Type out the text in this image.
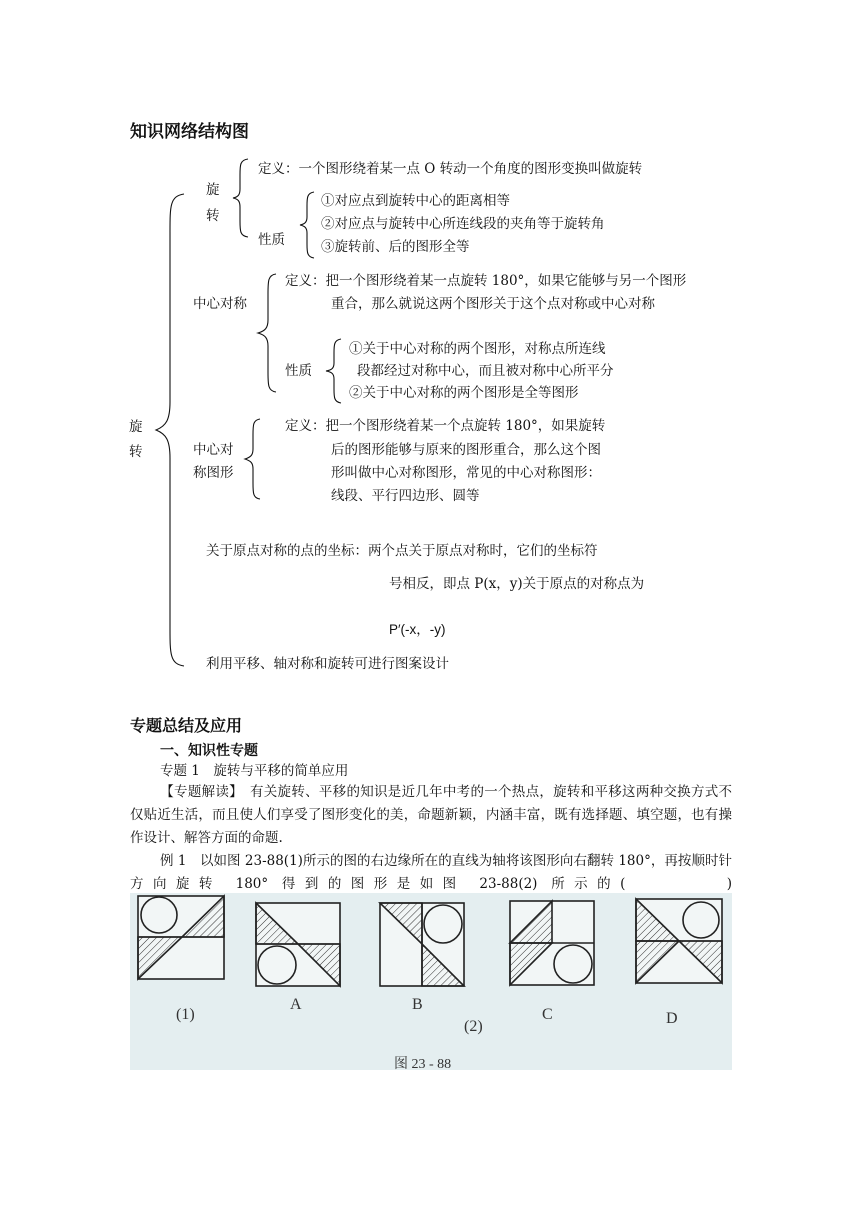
知识网络结构图
旋
转
旋
转
定义：一个图形绕着某一点 O 转动一个角度的图形变换叫做旋转
性质
①对应点到旋转中心的距离相等
②对应点与旋转中心所连线段的夹角等于旋转角
③旋转前、后的图形全等
中心对称
定义：把一个图形绕着某一点旋转 180°，如果它能够与另一个图形
重合，那么就说这两个图形关于这个点对称或中心对称
性质
①关于中心对称的两个图形，对称点所连线
段都经过对称中心，而且被对称中心所平分
②关于中心对称的两个图形是全等图形
中心对
称图形
定义：把一个图形绕着某一个点旋转 180°，如果旋转
后的图形能够与原来的图形重合，那么这个图
形叫做中心对称图形，常见的中心对称图形：
线段、平行四边形、圆等
关于原点对称的点的坐标：两个点关于原点对称时，它们的坐标符
号相反，即点 P(x，y)关于原点的对称点为
P′(-x，-y)
利用平移、轴对称和旋转可进行图案设计
专题总结及应用
一、知识性专题
专题 1　旋转与平移的简单应用
【专题解读】　有关旋转、平移的知识是近几年中考的一个热点，旋转和平移这两种交换方式不仅贴近生活，而且使人们享受了图形变化的美，命题新颖，内涵丰富，既有选择题、填空题，也有操作设计、解答方面的命题.
例 1　以如图 23-88(1)所示的图的右边缘所在的直线为轴将该图形向右翻转 180°，再按顺时针方向旋转 180° 得到的图形是如图 23-88(2) 所示的(　　　　)
(1)
A	B
(2)
C	D
图 23 - 88
